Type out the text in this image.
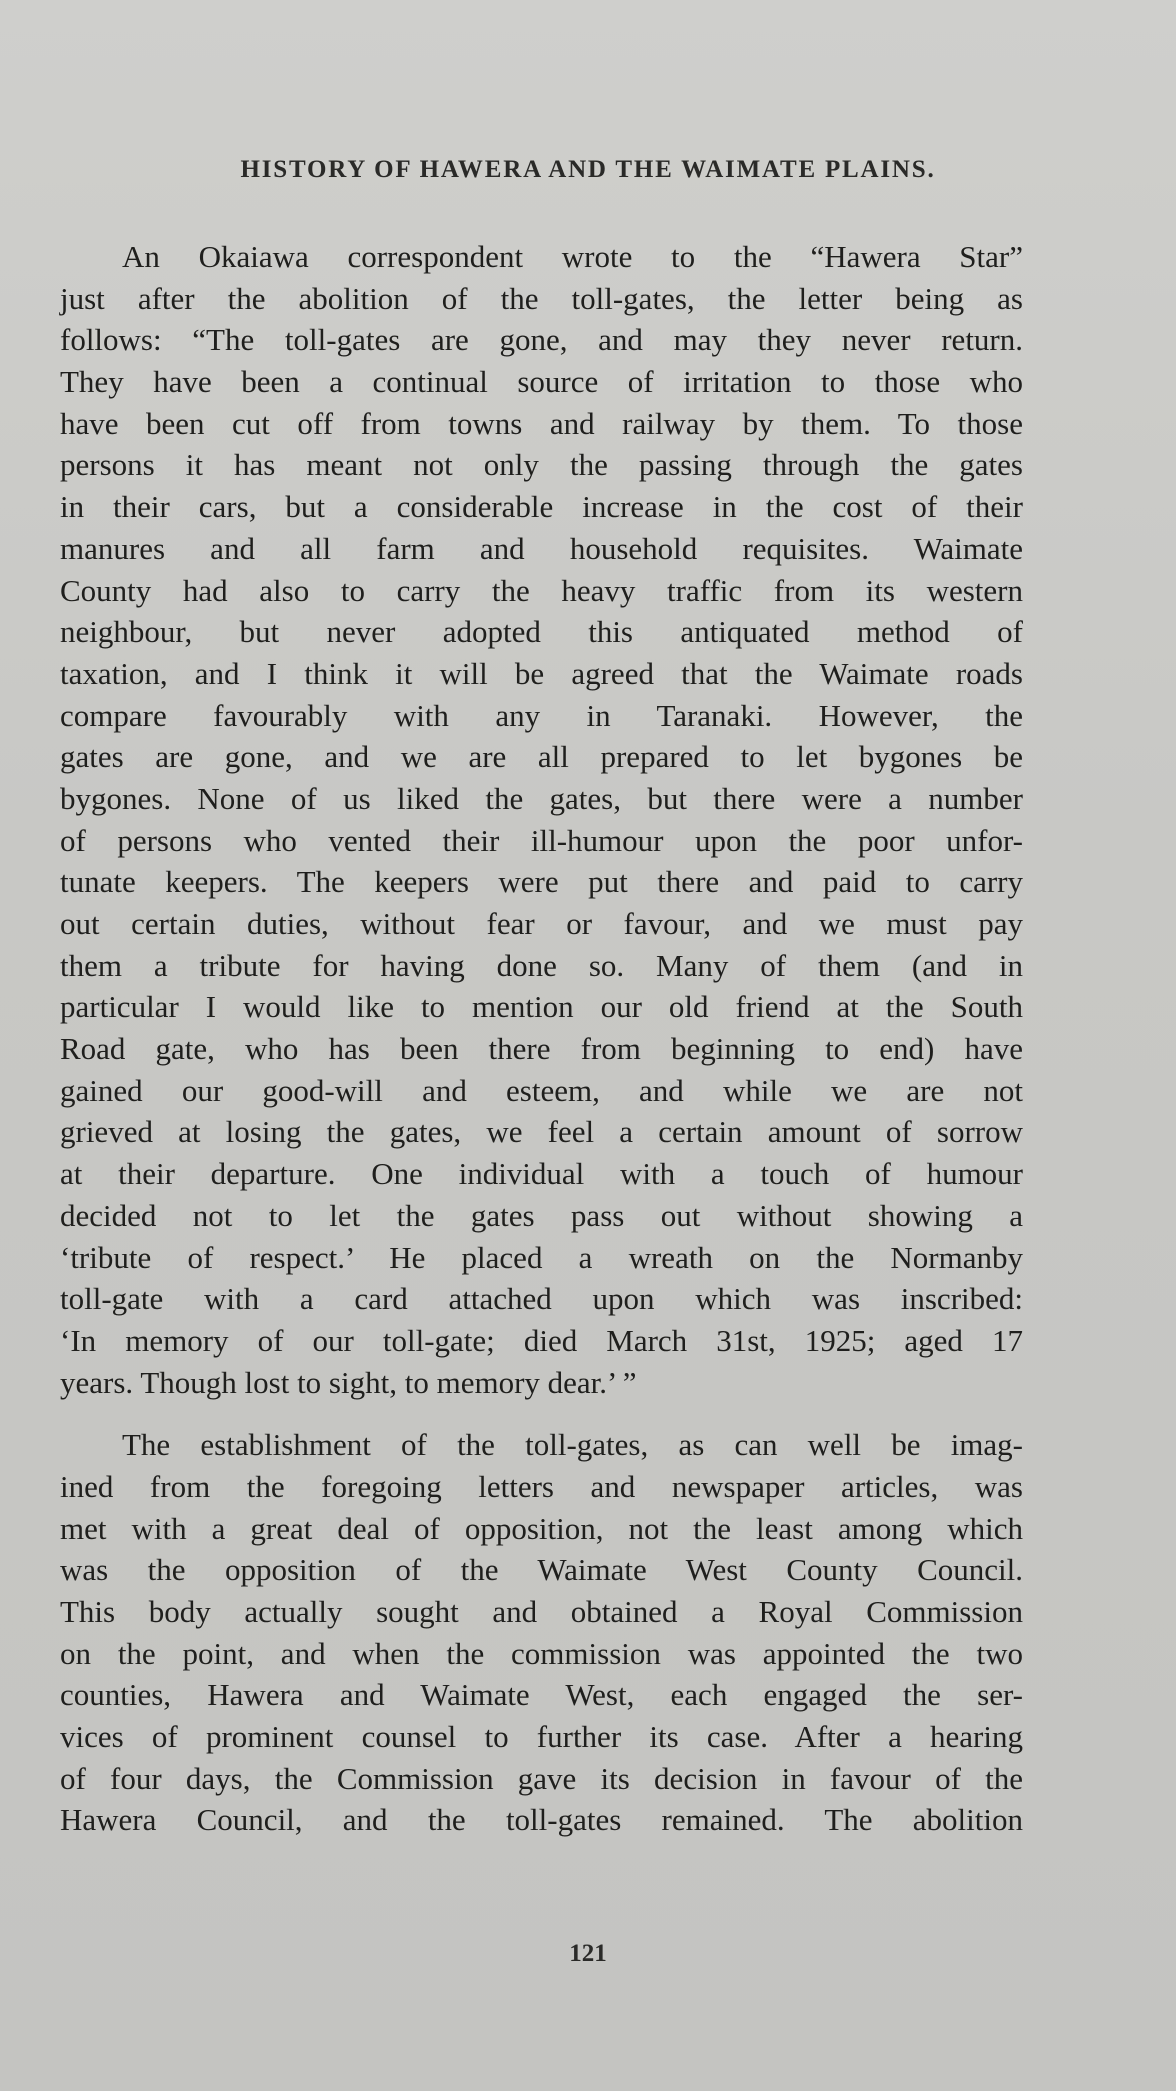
HISTORY OF HAWERA AND THE WAIMATE PLAINS.
An Okaiawa correspondent wrote to the “Hawera Star”
just after the abolition of the toll-gates, the letter being as
follows: “The toll-gates are gone, and may they never return.
They have been a continual source of irritation to those who
have been cut off from towns and railway by them. To those
persons it has meant not only the passing through the gates
in their cars, but a considerable increase in the cost of their
manures and all farm and household requisites. Waimate
County had also to carry the heavy traffic from its western
neighbour, but never adopted this antiquated method of
taxation, and I think it will be agreed that the Waimate roads
compare favourably with any in Taranaki. However, the
gates are gone, and we are all prepared to let bygones be
bygones. None of us liked the gates, but there were a number
of persons who vented their ill-humour upon the poor unfor-
tunate keepers. The keepers were put there and paid to carry
out certain duties, without fear or favour, and we must pay
them a tribute for having done so. Many of them (and in
particular I would like to mention our old friend at the South
Road gate, who has been there from beginning to end) have
gained our good-will and esteem, and while we are not
grieved at losing the gates, we feel a certain amount of sorrow
at their departure. One individual with a touch of humour
decided not to let the gates pass out without showing a
‘tribute of respect.’ He placed a wreath on the Normanby
toll-gate with a card attached upon which was inscribed:
‘In memory of our toll-gate; died March 31st, 1925; aged 17
years. Though lost to sight, to memory dear.’ ”
The establishment of the toll-gates, as can well be imag-
ined from the foregoing letters and newspaper articles, was
met with a great deal of opposition, not the least among which
was the opposition of the Waimate West County Council.
This body actually sought and obtained a Royal Commission
on the point, and when the commission was appointed the two
counties, Hawera and Waimate West, each engaged the ser-
vices of prominent counsel to further its case. After a hearing
of four days, the Commission gave its decision in favour of the
Hawera Council, and the toll-gates remained. The abolition
121
